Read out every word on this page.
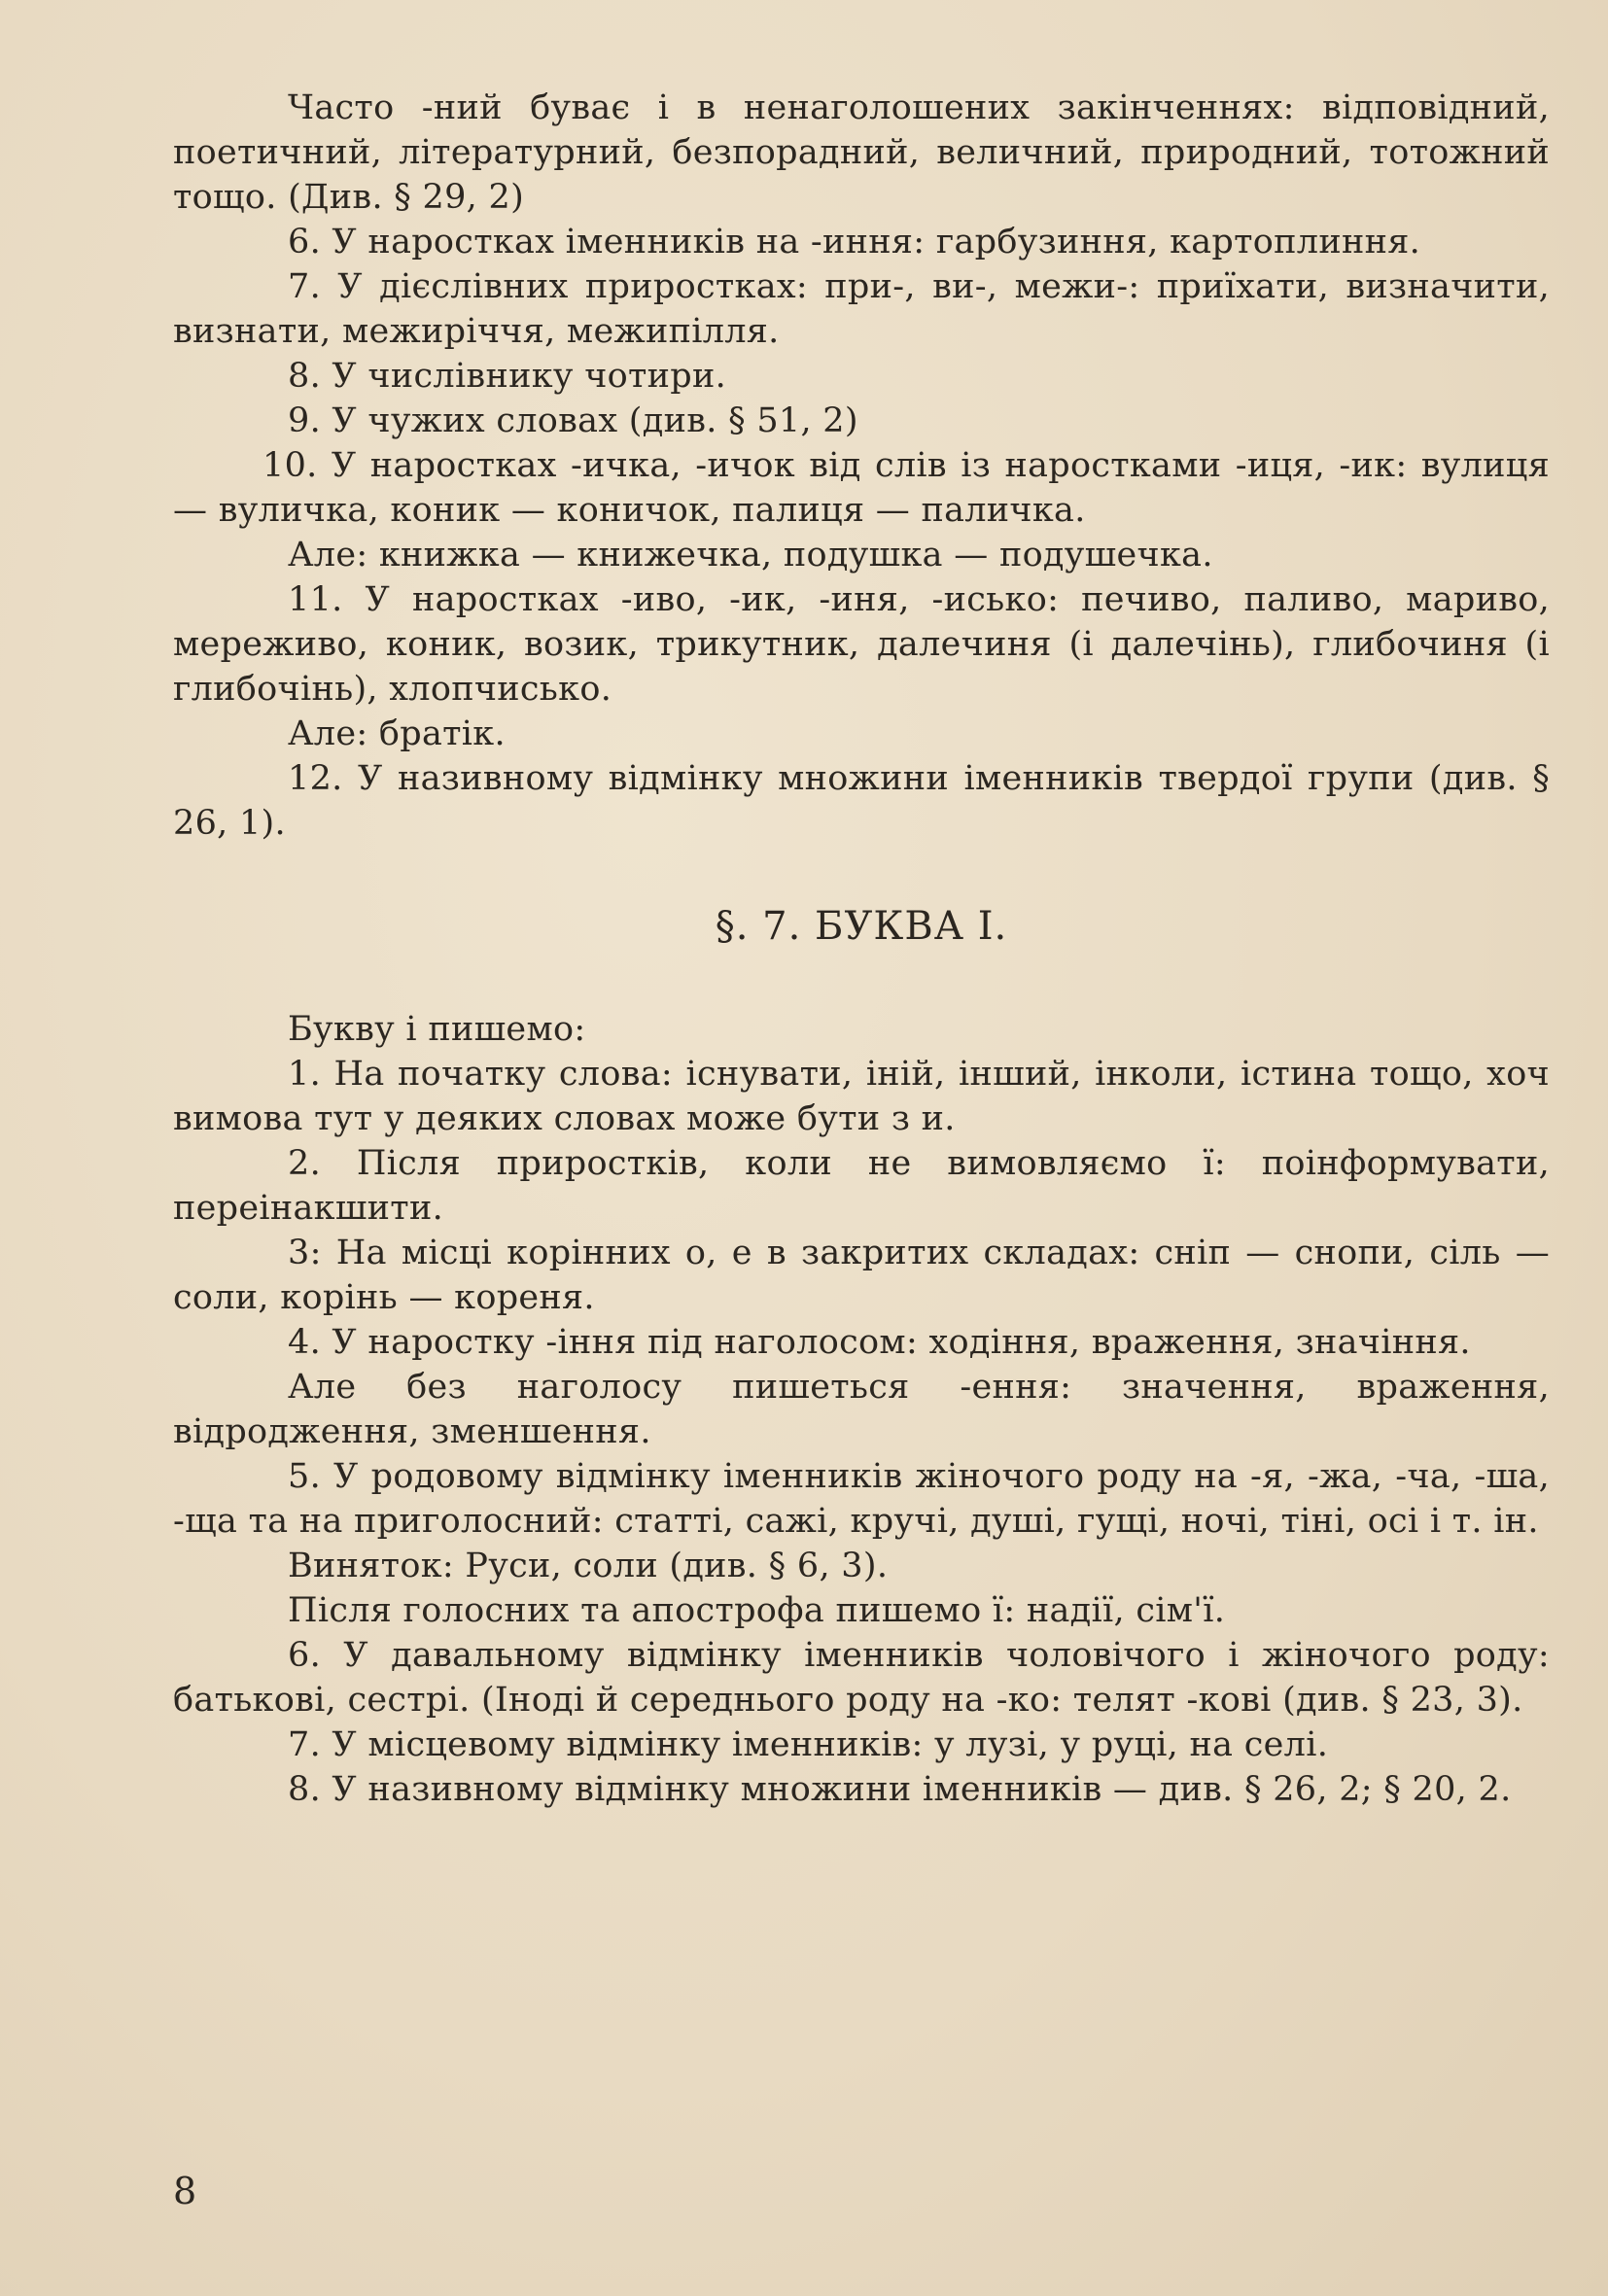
Часто -ний буває і в ненаголошених закінченнях: відповідний, поетичний, літературний, безпорадний, величний, природний, тотожний тощо. (Див. § 29, 2)

6. У наростках іменників на -иння: гарбузиння, картоплиння.

7. У дієслівних приростках: при-, ви-, межи-: приїхати, визначити, визнати, межиріччя, межипілля.

8. У числівнику чотири.

9. У чужих словах (див. § 51, 2)

10. У наростках -ичка, -ичок від слів із наростками -иця, -ик: вулиця — вуличка, коник — коничок, палиця — паличка.

Але: книжка — книжечка, подушка — подушечка.

11. У наростках -иво, -ик, -иня, -исько: печиво, паливо, мариво, мереживо, коник, возик, трикутник, далечиня (і далечінь), глибочиня (і глибочінь), хлопчисько.

Але: братік.

12. У називному відмінку множини іменників твердої групи (див. § 26, 1).

§. 7. БУКВА І.

Букву і пишемо:

1. На початку слова: існувати, іній, інший, інколи, істина тощо, хоч вимова тут у деяких словах може бути з и.

2. Після приростків, коли не вимовляємо ї: поінформувати, переінакшити.

3: На місці корінних о, е в закритих складах: сніп — снопи, сіль — соли, корінь — кореня.

4. У наростку -іння під наголосом: ходіння, враження, значіння.

Але без наголосу пишеться -ення: значення, враження, відродження, зменшення.

5. У родовому відмінку іменників жіночого роду на -я, -жа, -ча, -ша, -ща та на приголосний: статті, сажі, кручі, душі, гущі, ночі, тіні, осі і т. ін.

Виняток: Руси, соли (див. § 6, 3).

Після голосних та апострофа пишемо ї: надії, сім'ї.

6. У давальному відмінку іменників чоловічого і жіночого роду: батькові, сестрі. (Іноді й середнього роду на -ко: телят -кові (див. § 23, 3).

7. У місцевому відмінку іменників: у лузі, у руці, на селі.

8. У називному відмінку множини іменників — див. § 26, 2; § 20, 2.

8
